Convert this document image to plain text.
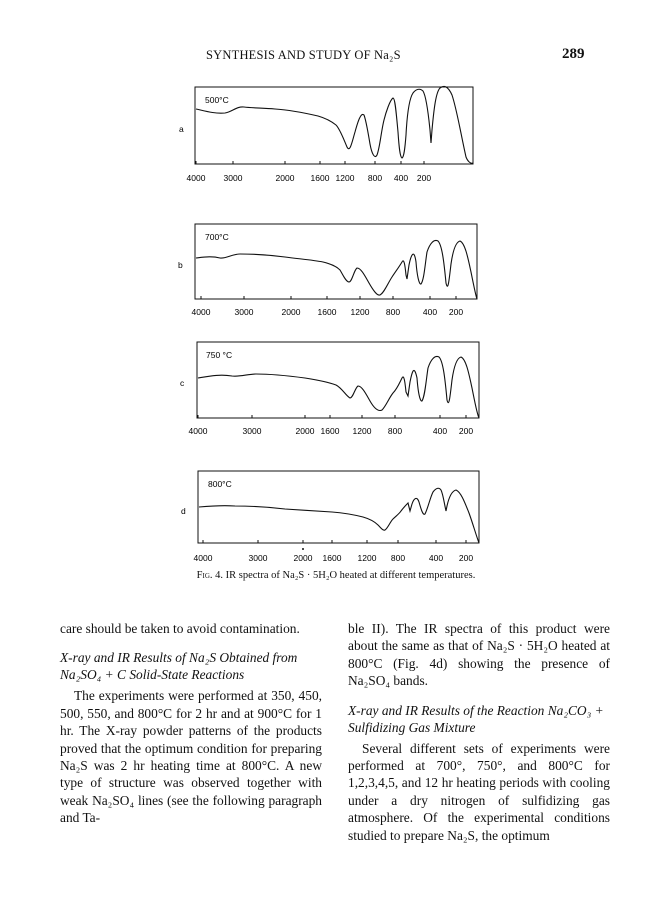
SYNTHESIS AND STUDY OF Na₂S	289
500°C
a
4000 3000	2000 1600 1200 800 400 200
700°C
b
4000	3000	2000 1600 1200 800	400 200
750 °C
c
4000	3000	2000 1600 1200 800	400 200
800°C
d
4000	3000	2000 1600 1200 800	400 200
Fig. 4. IR spectra of Na₂S · 5H₂O heated at different temperatures.

care should be taken to avoid contamination.

X-ray and IR Results of Na₂S Obtained from Na₂SO₄ + C Solid-State Reactions

The experiments were performed at 350, 450, 500, 550, and 800°C for 2 hr and at 900°C for 1 hr. The X-ray powder patterns of the products proved that the optimum condition for preparing Na₂S was 2 hr heating time at 800°C. A new type of structure was observed together with weak Na₂SO₄ lines (see the following paragraph and Ta-

ble II). The IR spectra of this product were about the same as that of Na₂S · 5H₂O heated at 800°C (Fig. 4d) showing the presence of Na₂SO₄ bands.

X-ray and IR Results of the Reaction Na₂CO₃ + Sulfidizing Gas Mixture

Several different sets of experiments were performed at 700°, 750°, and 800°C for 1,2,3,4,5, and 12 hr heating periods with cooling under a dry nitrogen of sulfidizing gas atmosphere. Of the experimental conditions studied to prepare Na₂S, the optimum
